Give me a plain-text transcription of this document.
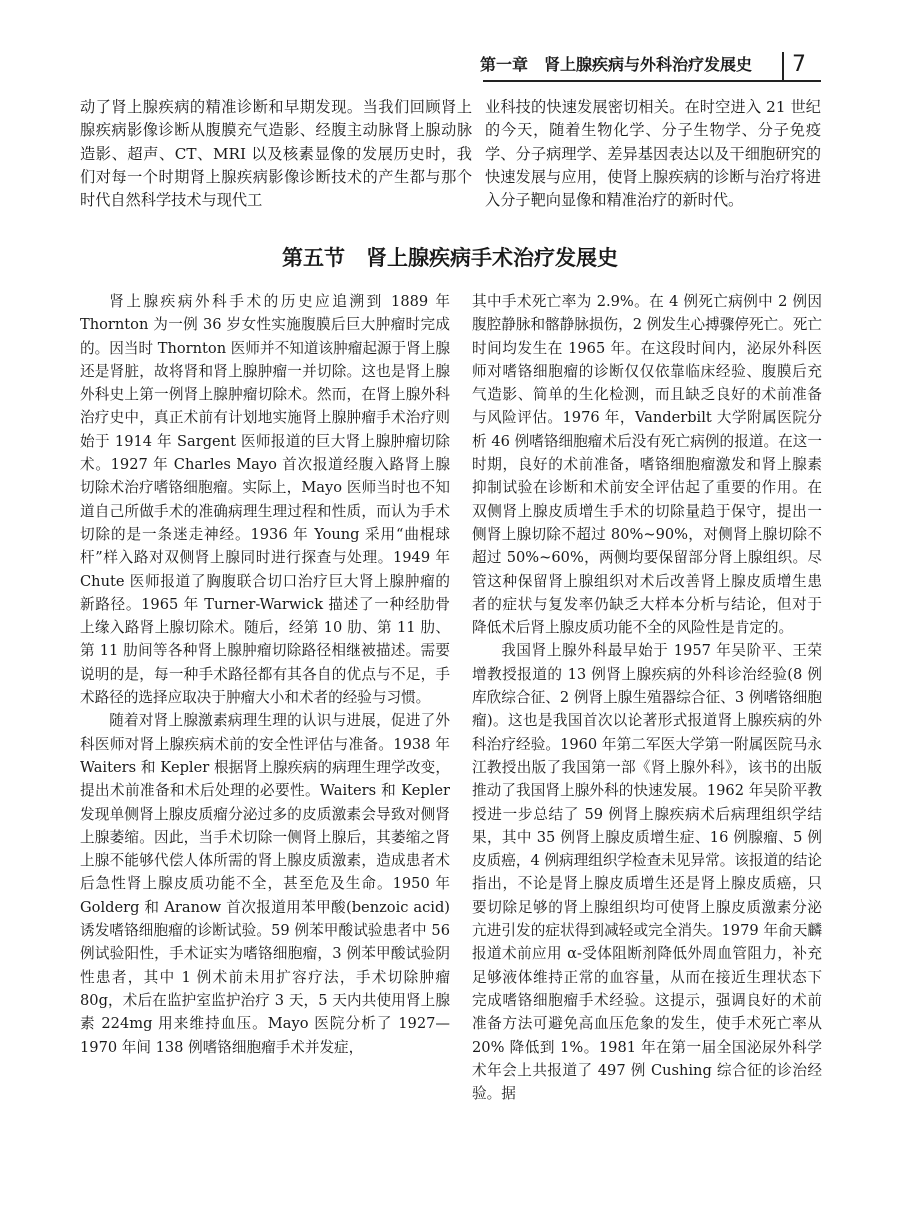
第一章　肾上腺疾病与外科治疗发展史 7

动了肾上腺疾病的精准诊断和早期发现。当我们回顾肾上腺疾病影像诊断从腹膜充气造影、经腹主动脉肾上腺动脉造影、超声、CT、MRI 以及核素显像的发展历史时，我们对每一个时期肾上腺疾病影像诊断技术的产生都与那个时代自然科学技术与现代工

业科技的快速发展密切相关。在时空进入 21 世纪的今天，随着生物化学、分子生物学、分子免疫学、分子病理学、差异基因表达以及干细胞研究的快速发展与应用，使肾上腺疾病的诊断与治疗将进入分子靶向显像和精准治疗的新时代。

第五节　肾上腺疾病手术治疗发展史

肾上腺疾病外科手术的历史应追溯到 1889 年 Thornton 为一例 36 岁女性实施腹膜后巨大肿瘤时完成的。因当时 Thornton 医师并不知道该肿瘤起源于肾上腺还是肾脏，故将肾和肾上腺肿瘤一并切除。这也是肾上腺外科史上第一例肾上腺肿瘤切除术。然而，在肾上腺外科治疗史中，真正术前有计划地实施肾上腺肿瘤手术治疗则始于 1914 年 Sargent 医师报道的巨大肾上腺肿瘤切除术。1927 年 Charles Mayo 首次报道经腹入路肾上腺切除术治疗嗜铬细胞瘤。实际上，Mayo 医师当时也不知道自己所做手术的准确病理生理过程和性质，而认为手术切除的是一条迷走神经。1936 年 Young 采用“曲棍球杆”样入路对双侧肾上腺同时进行探查与处理。1949 年 Chute 医师报道了胸腹联合切口治疗巨大肾上腺肿瘤的新路径。1965 年 Turner-Warwick 描述了一种经肋骨上缘入路肾上腺切除术。随后，经第 10 肋、第 11 肋、第 11 肋间等各种肾上腺肿瘤切除路径相继被描述。需要说明的是，每一种手术路径都有其各自的优点与不足，手术路径的选择应取决于肿瘤大小和术者的经验与习惯。

随着对肾上腺激素病理生理的认识与进展，促进了外科医师对肾上腺疾病术前的安全性评估与准备。1938 年 Waiters 和 Kepler 根据肾上腺疾病的病理生理学改变，提出术前准备和术后处理的必要性。Waiters 和 Kepler 发现单侧肾上腺皮质瘤分泌过多的皮质激素会导致对侧肾上腺萎缩。因此，当手术切除一侧肾上腺后，其萎缩之肾上腺不能够代偿人体所需的肾上腺皮质激素，造成患者术后急性肾上腺皮质功能不全，甚至危及生命。1950 年 Golderg 和 Aranow 首次报道用苯甲酸(benzoic acid)诱发嗜铬细胞瘤的诊断试验。59 例苯甲酸试验患者中 56 例试验阳性，手术证实为嗜铬细胞瘤，3 例苯甲酸试验阴性患者，其中 1 例术前未用扩容疗法，手术切除肿瘤 80g，术后在监护室监护治疗 3 天，5 天内共使用肾上腺素 224mg 用来维持血压。Mayo 医院分析了 1927—1970 年间 138 例嗜铬细胞瘤手术并发症，

其中手术死亡率为 2.9%。在 4 例死亡病例中 2 例因腹腔静脉和髂静脉损伤，2 例发生心搏骤停死亡。死亡时间均发生在 1965 年。在这段时间内，泌尿外科医师对嗜铬细胞瘤的诊断仅仅依靠临床经验、腹膜后充气造影、简单的生化检测，而且缺乏良好的术前准备与风险评估。1976 年，Vanderbilt 大学附属医院分析 46 例嗜铬细胞瘤术后没有死亡病例的报道。在这一时期，良好的术前准备，嗜铬细胞瘤激发和肾上腺素抑制试验在诊断和术前安全评估起了重要的作用。在双侧肾上腺皮质增生手术的切除量趋于保守，提出一侧肾上腺切除不超过 80%~90%，对侧肾上腺切除不超过 50%~60%，两侧均要保留部分肾上腺组织。尽管这种保留肾上腺组织对术后改善肾上腺皮质增生患者的症状与复发率仍缺乏大样本分析与结论，但对于降低术后肾上腺皮质功能不全的风险性是肯定的。

我国肾上腺外科最早始于 1957 年吴阶平、王荣增教授报道的 13 例肾上腺疾病的外科诊治经验(8 例库欣综合征、2 例肾上腺生殖器综合征、3 例嗜铬细胞瘤)。这也是我国首次以论著形式报道肾上腺疾病的外科治疗经验。1960 年第二军医大学第一附属医院马永江教授出版了我国第一部《肾上腺外科》，该书的出版推动了我国肾上腺外科的快速发展。1962 年吴阶平教授进一步总结了 59 例肾上腺疾病术后病理组织学结果，其中 35 例肾上腺皮质增生症、16 例腺瘤、5 例皮质癌，4 例病理组织学检查未见异常。该报道的结论指出，不论是肾上腺皮质增生还是肾上腺皮质癌，只要切除足够的肾上腺组织均可使肾上腺皮质激素分泌亢进引发的症状得到减轻或完全消失。1979 年俞天麟报道术前应用 α-受体阻断剂降低外周血管阻力，补充足够液体维持正常的血容量，从而在接近生理状态下完成嗜铬细胞瘤手术经验。这提示，强调良好的术前准备方法可避免高血压危象的发生，使手术死亡率从 20% 降低到 1%。1981 年在第一届全国泌尿外科学术年会上共报道了 497 例 Cushing 综合征的诊治经验。据
